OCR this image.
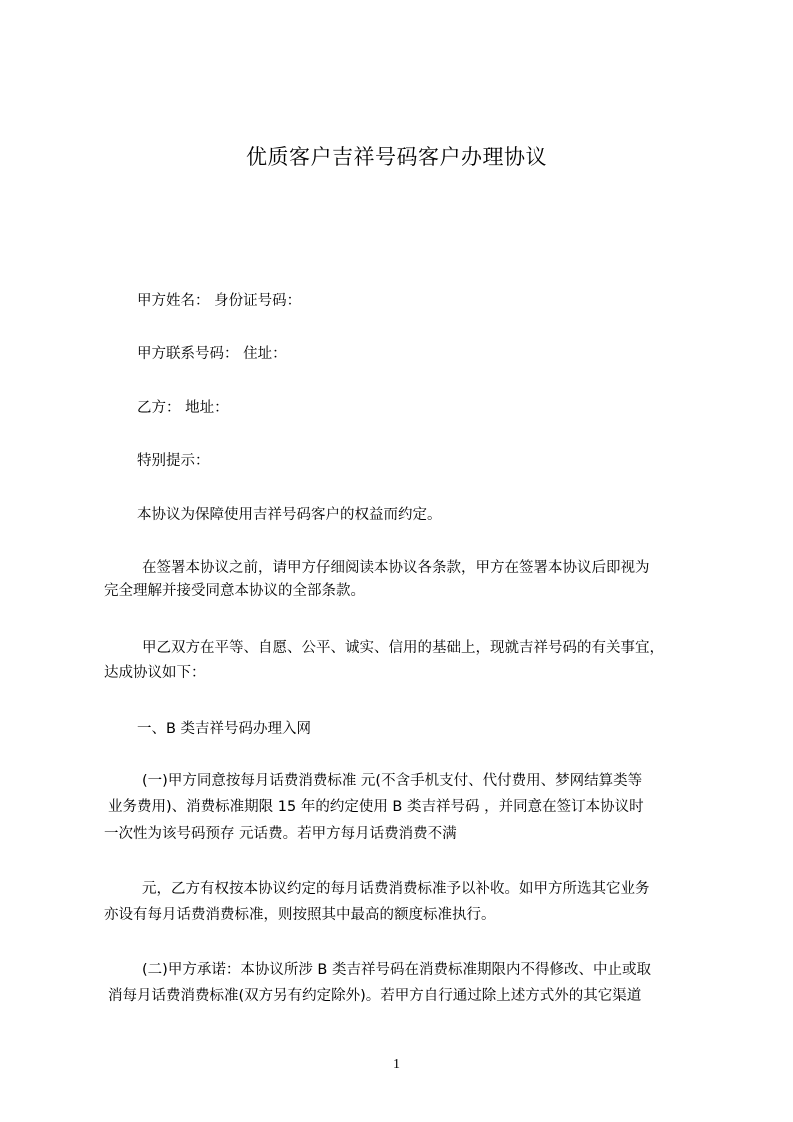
优质客户吉祥号码客户办理协议
甲方姓名： 身份证号码：
甲方联系号码： 住址：
乙方： 地址：
特别提示：
本协议为保障使用吉祥号码客户的权益而约定。
在签署本协议之前，请甲方仔细阅读本协议各条款，甲方在签署本协议后即视为
完全理解并接受同意本协议的全部条款。
甲乙双方在平等、自愿、公平、诚实、信用的基础上，现就吉祥号码的有关事宜，
达成协议如下：
一、B 类吉祥号码办理入网
(一)甲方同意按每月话费消费标准 元(不含手机支付、代付费用、梦网结算类等
业务费用)、消费标准期限 15 年的约定使用 B 类吉祥号码 ，并同意在签订本协议时
一次性为该号码预存 元话费。若甲方每月话费消费不满
元，乙方有权按本协议约定的每月话费消费标准予以补收。如甲方所选其它业务
亦设有每月话费消费标准，则按照其中最高的额度标准执行。
(二)甲方承诺：本协议所涉 B 类吉祥号码在消费标准期限内不得修改、中止或取
消每月话费消费标准(双方另有约定除外)。若甲方自行通过除上述方式外的其它渠道
1
